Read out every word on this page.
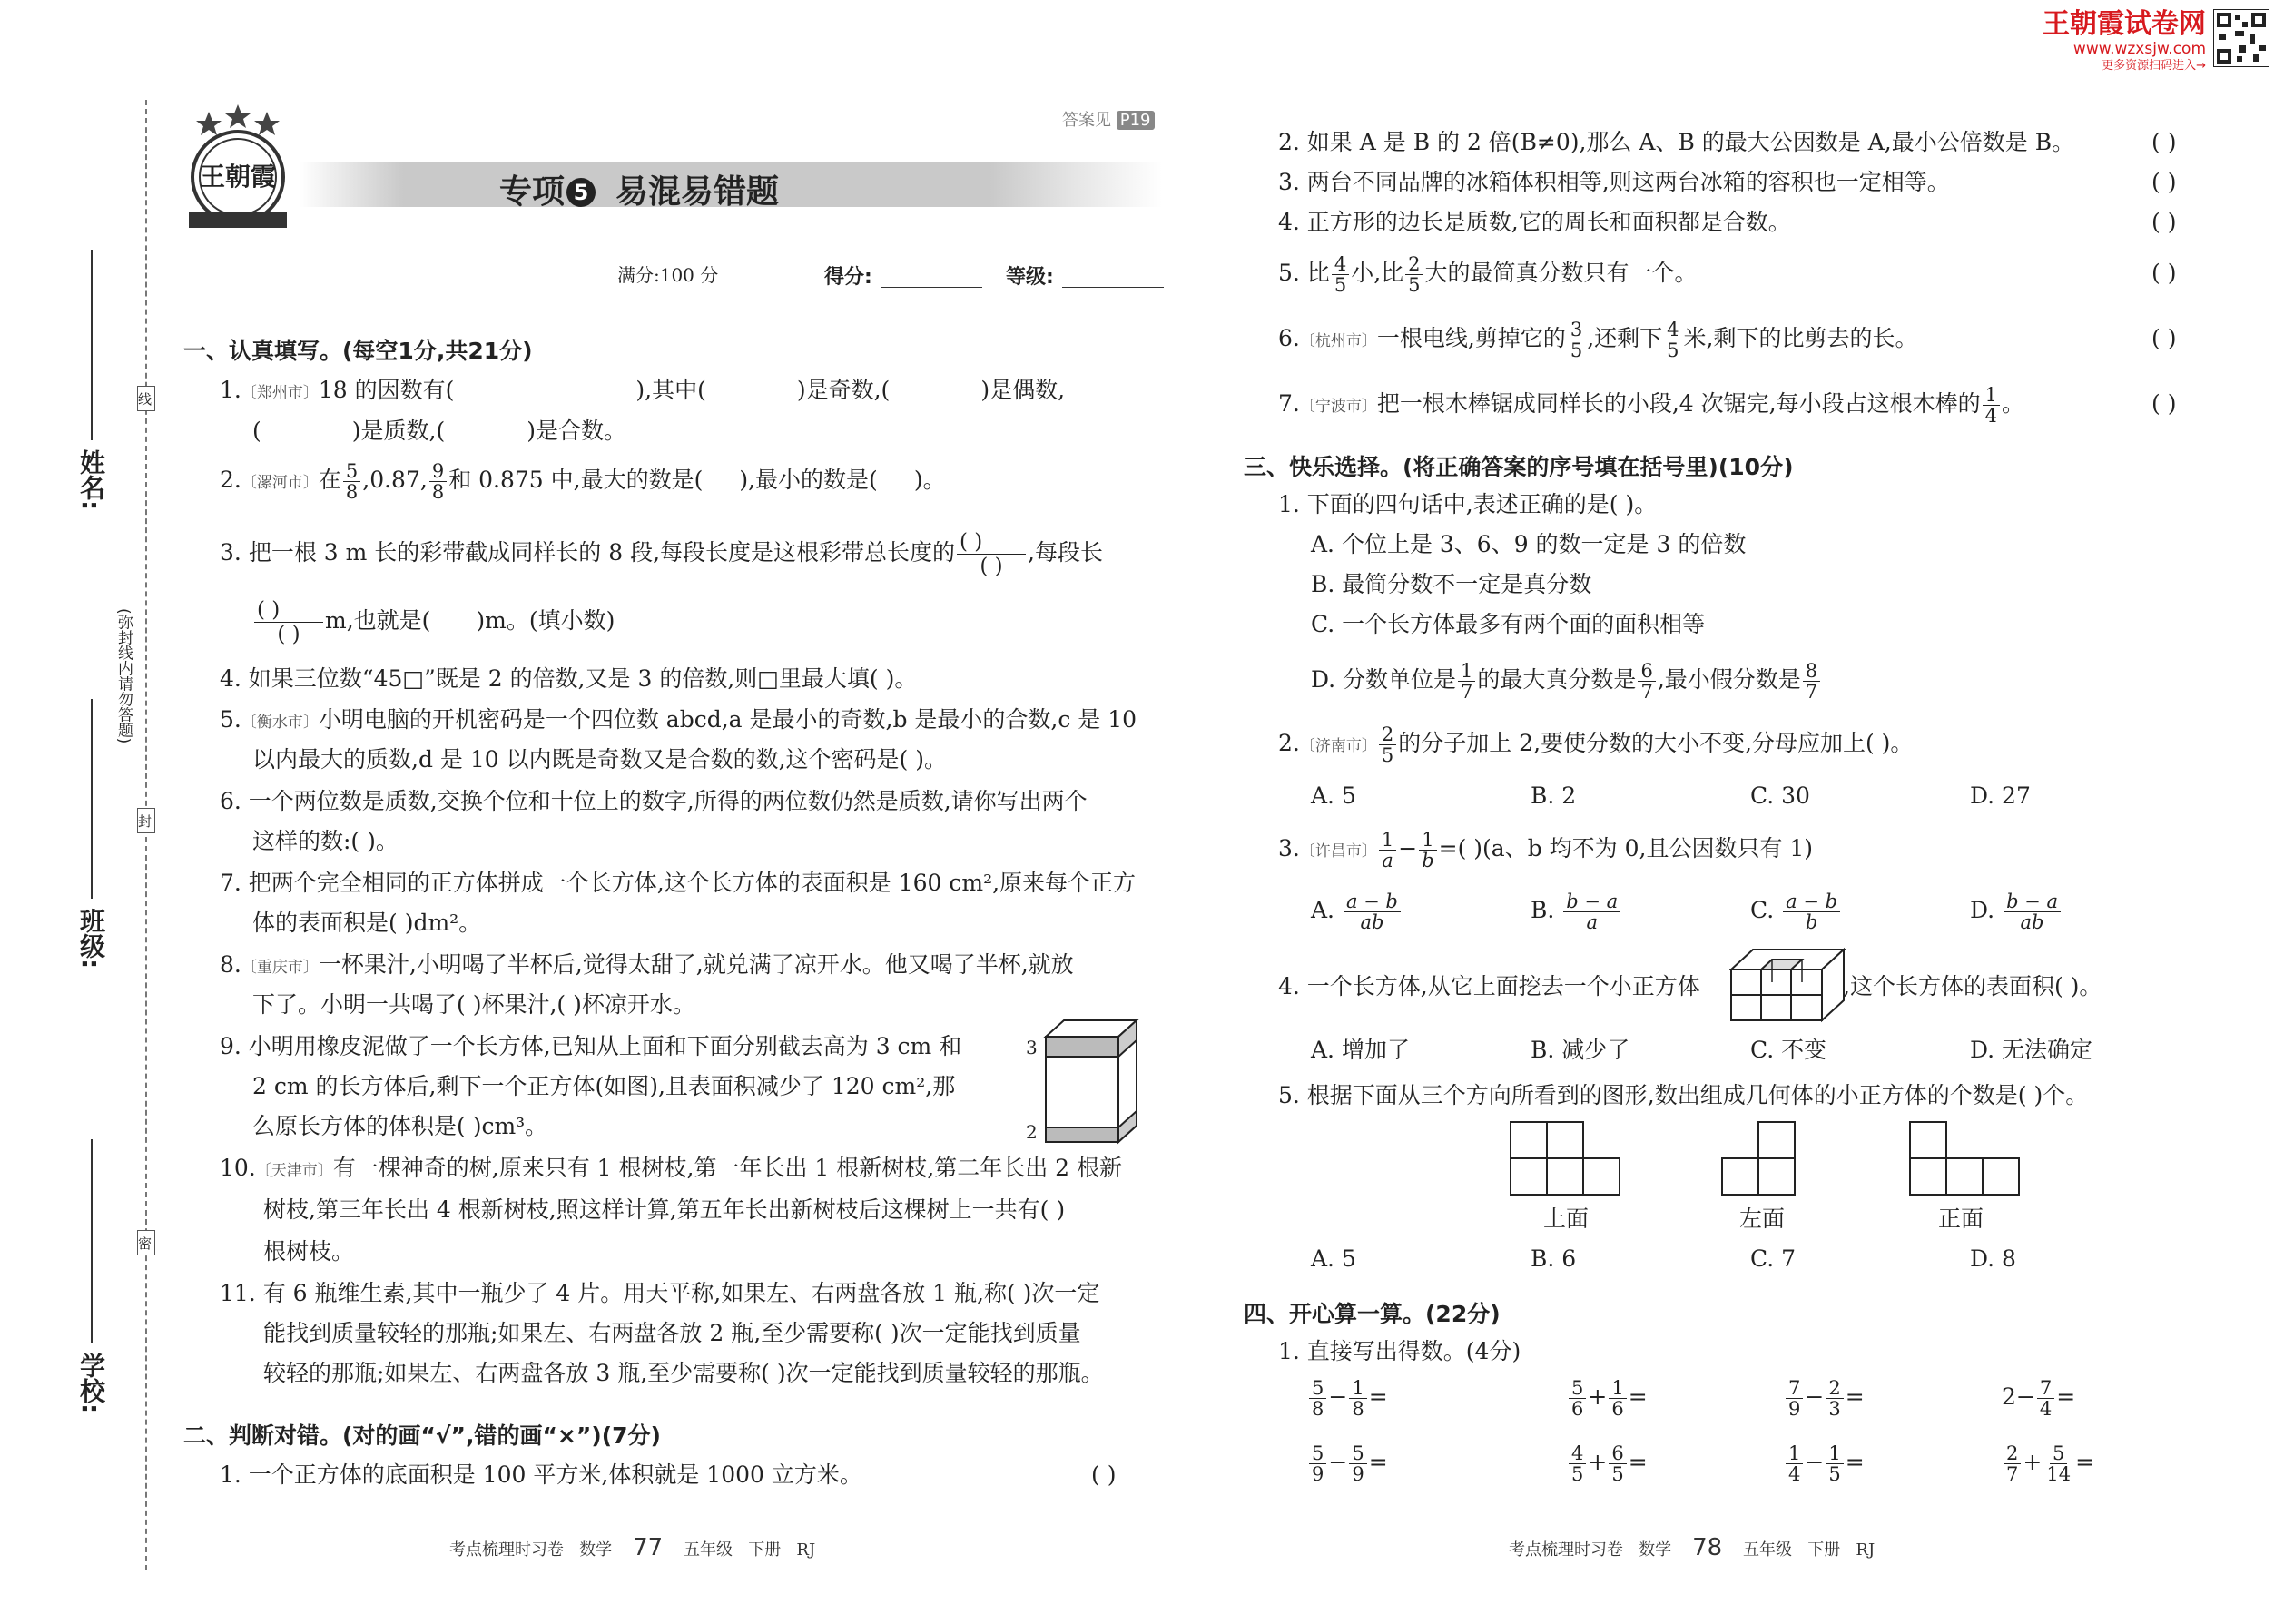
王朝霞试卷网
www.wzxsjw.com
更多资源扫码进入→
线
封
密
(弥封线内请勿答题)
姓名:
班级:
学校:
王朝霞
答案见 P19
专项 5 易混易错题
满分:100 分	得分:	等级:
一、认真填写。(每空1分,共21分)
1.〔郑州市〕18 的因数有(	),其中(	)是奇数,(	)是偶数,
(	)是质数,(	)是合数。
2.〔漯河市〕在 $\frac{5}{8} ,0.87$, $\frac{9}{8}$ 和 0.875 中,最大的数是( ),最小的数是( )。
3. 把一根 3 m 长的彩带截成同样长的 8 段,每段长度是这根彩带总长度的 $\frac{( )}{( )}$ ,每段长
$\frac{( )}{( )} m$,也就是( )m。(填小数)
4. 如果三位数“45□”既是 2 的倍数,又是 3 的倍数,则□里最大填( )。
5.〔衡水市〕小明电脑的开机密码是一个四位数 abcd,a 是最小的奇数,b 是最小的合数,c 是 10
以内最大的质数,d 是 10 以内既是奇数又是合数的数,这个密码是( )。
6. 一个两位数是质数,交换个位和十位上的数字,所得的两位数仍然是质数,请你写出两个
这样的数:( )。
7. 把两个完全相同的正方体拼成一个长方体,这个长方体的表面积是 160 cm²,原来每个正方
体的表面积是( )dm²。
8.〔重庆市〕一杯果汁,小明喝了半杯后,觉得太甜了,就兑满了凉开水。他又喝了半杯,就放
下了。小明一共喝了( )杯果汁,( )杯凉开水。
9. 小明用橡皮泥做了一个长方体,已知从上面和下面分别截去高为 3 cm 和
2 cm 的长方体后,剩下一个正方体(如图),且表面积减少了 120 cm²,那
么原长方体的体积是( )cm³。
3
2
10.〔天津市〕有一棵神奇的树,原来只有 1 根树枝,第一年长出 1 根新树枝,第二年长出 2 根新
树枝,第三年长出 4 根新树枝,照这样计算,第五年长出新树枝后这棵树上一共有( )
根树枝。
11. 有 6 瓶维生素,其中一瓶少了 4 片。用天平称,如果左、右两盘各放 1 瓶,称( )次一定
能找到质量较轻的那瓶;如果左、右两盘各放 2 瓶,至少需要称( )次一定能找到质量
较轻的那瓶;如果左、右两盘各放 3 瓶,至少需要称( )次一定能找到质量较轻的那瓶。
二、判断对错。(对的画“√”,错的画“×”)(7分)
1. 一个正方体的底面积是 100 平方米,体积就是 1000 立方米。	( )
考点梳理时习卷 数学 77 五年级 下册 RJ
2. 如果 A 是 B 的 2 倍(B≠0),那么 A、B 的最大公因数是 A,最小公倍数是 B。	( )
3. 两台不同品牌的冰箱体积相等,则这两台冰箱的容积也一定相等。	( )
4. 正方形的边长是质数,它的周长和面积都是合数。	( )
5. 比 $\frac{4}{5}$ 小,比 $\frac{2}{5}$ 大的最简真分数只有一个。	( )
6.〔杭州市〕一根电线,剪掉它的 $\frac{3}{5}$ ,还剩下 $\frac{4}{5}$ 米,剩下的比剪去的长。	( )
7.〔宁波市〕把一根木棒锯成同样长的小段,4 次锯完,每小段占这根木棒的 $\frac{1}{4}$ 。	( )
三、快乐选择。(将正确答案的序号填在括号里)(10分)
1. 下面的四句话中,表述正确的是( )。
A. 个位上是 3、6、9 的数一定是 3 的倍数
B. 最简分数不一定是真分数
C. 一个长方体最多有两个面的面积相等
D. 分数单位是 $\frac{1}{7}$ 的最大真分数是 $\frac{6}{7}$ ,最小假分数是 $\frac{8}{7}$
2.〔济南市〕 $\frac{2}{5}$ 的分子加上 2,要使分数的大小不变,分母应加上( )。
A. 5	B. 2	C. 30	D. 27
3.〔许昌市〕 $\frac{1}{a} - \frac{1}{b}$ =( )(a、b 均不为 0,且公因数只有 1)
A. $\frac{a - b}{ab}$	B. $\frac{b - a}{a}$	C. $\frac{a - b}{b}$	D. $\frac{b - a}{ab}$
4. 一个长方体,从它上面挖去一个小正方体	,这个长方体的表面积( )。
A. 增加了	B. 减少了	C. 不变	D. 无法确定
5. 根据下面从三个方向所看到的图形,数出组成几何体的小正方体的个数是( )个。
上面	左面	正面
A. 5	B. 6	C. 7	D. 8
四、开心算一算。(22分)
1. 直接写出得数。(4分)
$\frac{5}{8} - \frac{1}{8}$ =	$\frac{5}{6} + \frac{1}{6}$ =	$\frac{7}{9} - \frac{2}{3}$ =	$2- \frac{7}{4}$ =
$\frac{5}{9} - \frac{5}{9}$ =	$\frac{4}{5} + \frac{6}{5}$ =	$\frac{1}{4} - \frac{1}{5}$ =	$\frac{2}{7} + \frac{5}{14}$ =
考点梳理时习卷 数学 78 五年级 下册 RJ
